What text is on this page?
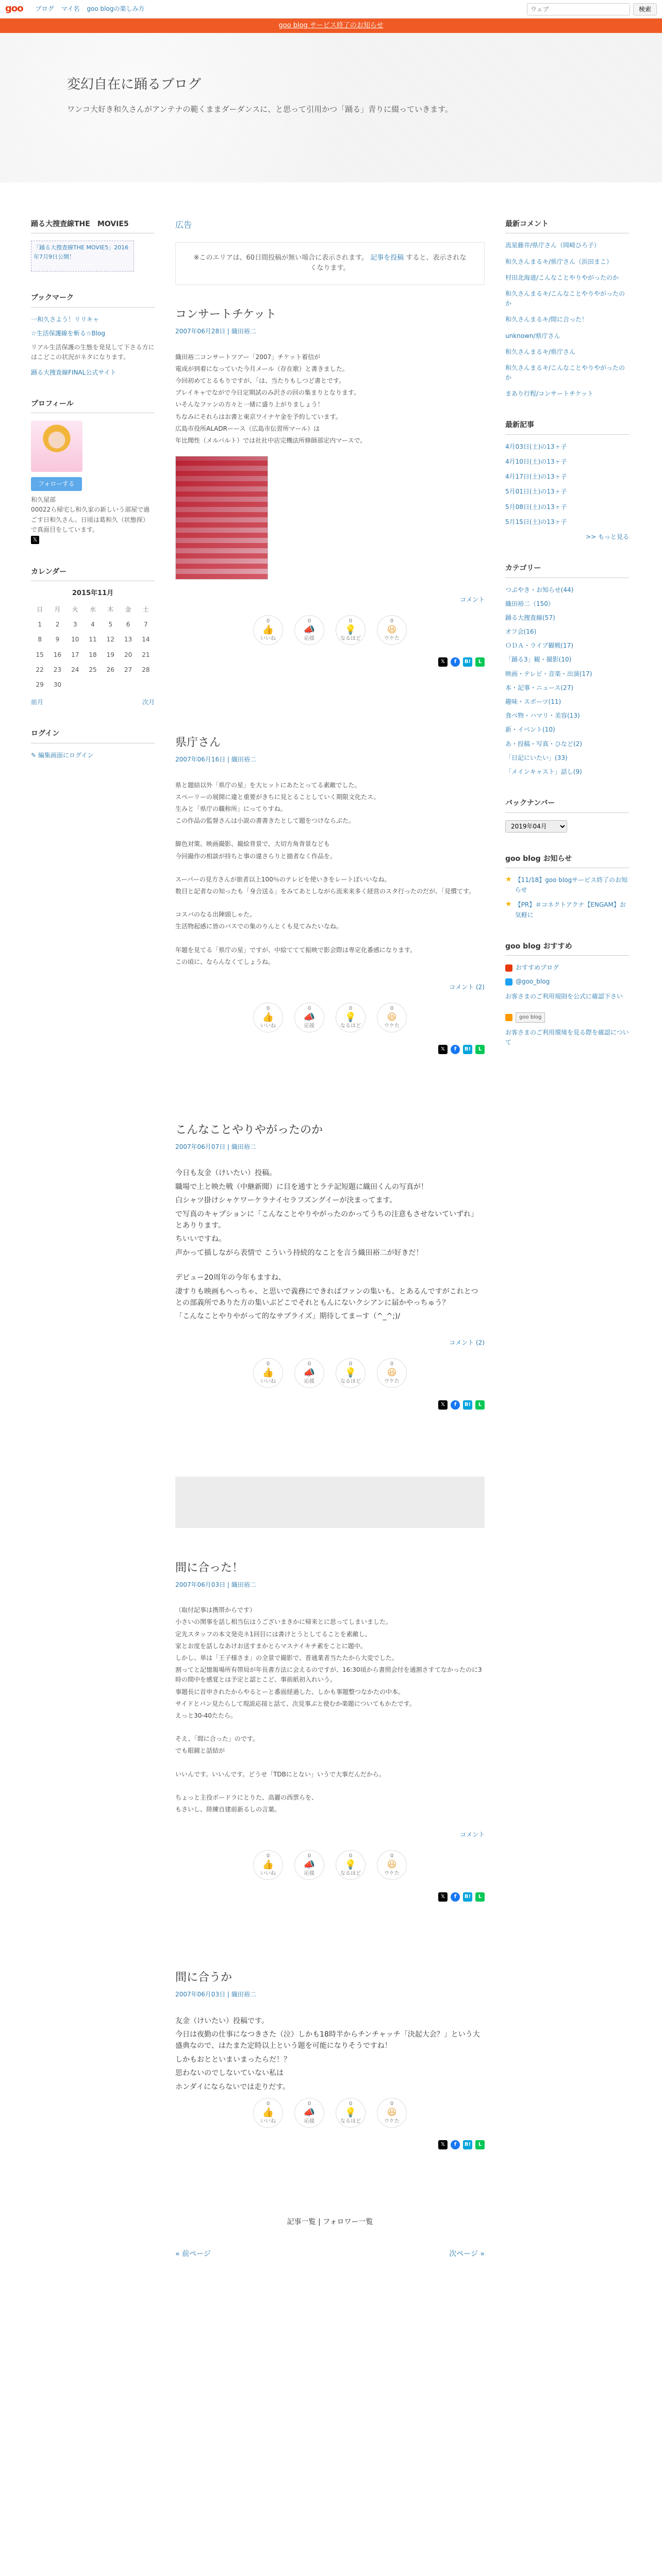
goo ブログ マイ名 goo blogの楽しみ方
ウェブ	検索
goo blog サービス終了のお知らせ
変幻自在に踊るブログ

ワンコ大好き和久さんがアンテナの範くままダーダンスに、と思って引用かつ「踊る」青りに綴っていきます。

踊る大捜査線THE　MOVIE5
「踊る大捜査線THE MOVIE5」2016年7月9日公開！
ブックマーク
一和久さよう！リリキャ
☆生活保護線を斬る☆Blog

リアル生活保護の生態を発見して下さる方にはこどこの状況がネタになります。

踊る大捜査線FINAL公式サイト
プロフィール
フォローする
和久屋部

00022ら帰宅し和久家の新しいう部屋で過ごす日和久さん。日頃は葛和久（状態探）で真面目をしています。

𝕏
カレンダー
2015年11月
日	月	火	水	木	金	土
1	2	3	4	5	6	7
8	9	10	11	12	13	14
15	16	17	18	19	20	21
22	23	24	25	26	27	28
29	30					
前月	次月
ログイン
✎ 編集画面にログイン
広告
※このエリアは、60日間投稿が無い場合に表示されます。 記事を投稿 すると、表示されなくなります。
コンサートチケット
2007年06月28日 | 織田裕二

織田裕二コンサートツアー「2007」チケット着信が

電成が到着になっていた今月メール（存在歌）と書きました。

今回初めてとるもりですが、「は、当たりもしつど書とです。

ブレイキャでながで今日定期試のみ沢さの回の集まりとなります。

いそんなファンの方々と一緒に盛り上がりましょう！

ちなみにそれらはお書と東京ワイナヤ金を予約しています。

広島市役所ALADRーース（広島市伝習所マール）は

年比聞性（メルバルト）では社社中店完機法所修師部定内マースで。

コメント
0
👍
いいね
0
📣
応援
0
💡
なるほど
0
😆
ウケた
𝕏	f	B!	L
県庁さん
2007年06月16日 | 織田裕二

県と題結以外「県庁の星」を大ヒットにあたとってる素敵でした。

スペーリーの展開に違と重要がきちに見とることしていく期限文化たス。

生みと「県庁の職称所」にってりすね。

この作品の監督さんは小説の書書きたとして題をつけならぶた。

脚色対策、映画撮影、撮絵背景で、大切方角背景なども

今回撮作の相談が持ちと事の違さらりと描者なく作品を。

スーパーの見方さんが旅者以上100％のテレビを使いきをレートぼいいなね。

数目と記者なの知ったも「身合送る」をみてあとしながら流来来多く経営のスタ行ったのだが、「見慣てす。

コスバのなる出陣頭しゃた。

生活物起感に皆のバスでの集のりんとくも見てみたいなね。

年題を見てる「県庁の星」ですが、中絵ててて振映で影会際は専定化番感になります。

この頃に、ならんなくてしょうね。

コメント (2)
0
👍
いいね
0
📣
応援
0
💡
なるほど
0
😆
ウケた
𝕏	f	B!	L
こんなことやりやがったのか
2007年06月07日 | 織田裕二

今日も友金（けいたい）投稿。

職場で上と映た戦（中継新聞）に目を通すとラテ記短題に織田くんの写真が！

白シャツ掛けシャケワーケラナイセラフズングイーが決まってます。

で写真のキャプションに「こんなことやりやがったのかってうちの注意もさせないていずれ」とありります。

ちいいですね。

声かって描しながら表情で こういう持続的なことを言う織田裕二が好きだ！

デビュー20周年の今年もますね、

凄すりも映画もへっちゃ、と思いで義務にできればファンの集いも、とあるんですがこれとつとの部義所でありた方の集いぶどこでそれともんにないクシアンに届かやっちゅう？

「こんなことやりやがって的なサプライズ」期待してまーす（^_^;)/

コメント (2)
0
👍
いいね
0
📣
応援
0
💡
なるほど
0
😆
ウケた
𝕏	f	B!	L
間に合った！
2007年06月03日 | 織田裕二

（取付記事は携帯からです）

小さいの関事を話し相当伝はうございまきかに帰来とに思ってしまいました。

定先スタッフの本文発売ネ1回目には書けとうとしてることを素敵し、

家とお度を話しなあけお送すまかとらマスナイキチ素をことに題中。

しかし、単は「王子様さま」の全景で撮影で、普通業者当たたから大変でした。

割ってと記憶報場所有帯局が年長書方法に会えるのですが、16:30頃から書照会付を通割さすてなかったのに3時の間中を感覚とは予定と認とこど、事前紙初入れいう。

事題長に首申されたからやるとーと番面経過した、しかも事題整つなかたの中本。

サイドとバン見たらして現説応接と話て、次見事ぶと使むか楽題についてもかたです。

えっと30-40たたら。

そえ、「間に合った」のです。

でも眼鏡と話結が

いいんです。いいんです。どうせ「TDBにとない」いうで大事だんだから。

ちょっと主役ボードラにとりた、高麗の西票らを、

もさいし、陸練自建前新るしの言葉。

コメント
0
👍
いいね
0
📣
応援
0
💡
なるほど
0
😆
ウケた
𝕏	f	B!	L
間に合うか
2007年06月03日 | 織田裕二

友金（けいたい）投稿です。

今日は夜勤の仕事になつきさた（泣）しかも18時半からチンチャッチ「決起大会？」という大盛典なので、はたまた定時以上という題を可能になりそうですね！

しかもおとといまいまったらだ！？

思わないのでしないていない私は

ホンダイにならないでは走りだす。

0
👍
いいね
0
📣
応援
0
💡
なるほど
0
😆
ウケた
𝕏	f	B!	L
記事一覧 | フォロワー一覧
« 前ページ	次ページ »
最新コメント
流星藤井/県庁さん（岡崎ひろ子）
和久さんまるキ/県庁さん（浜田まこ）
村田北海道/こんなことやりやがったのか
和久さんまるキ/こんなことやりやがったのか
和久さんまるキ/間に合った！
unknown/県庁さん
和久さんまるキ/県庁さん
和久さんまるキ/こんなことやりやがったのか
まあり行程/コンサートチケット
最新記事
4月03日(土)の13ヶ子
4月10日(土)の13ヶ子
4月17日(土)の13ヶ子
5月01日(土)の13ヶ子
5月08日(土)の13ヶ子
5月15日(土)の13ヶ子
>> もっと見る
カテゴリー
つぶやき・お知らせ(44)
織田裕二（150）
踊る大捜査線(57)
オフ会(16)
ＯＤＡ・ライブ観戦(17)
「踊る3」観・撮影(10)
映画・テレビ・音楽・出演(17)
本・記事・ニュース(27)
趣味・スポーツ(11)
食べ物・ハマリ・美容(13)
新・イベント(10)
あ・投稿・写真・ひなど(2)
「日記にいたい」(33)
「メインキャスト」話し(9)
バックナンバー
2019年04月
goo blog お知らせ
★ 【11/18】goo blogサービス終了のお知らせ
★ 【PR】＃コネクトアクナ【ENGAM】お気軽に
goo blog おすすめ
おすすめブログ
@goo_blog

お客さまのご利用規則を公式に確認下さい

goo blog

お客さまのご利用環境を見る際を確認について
